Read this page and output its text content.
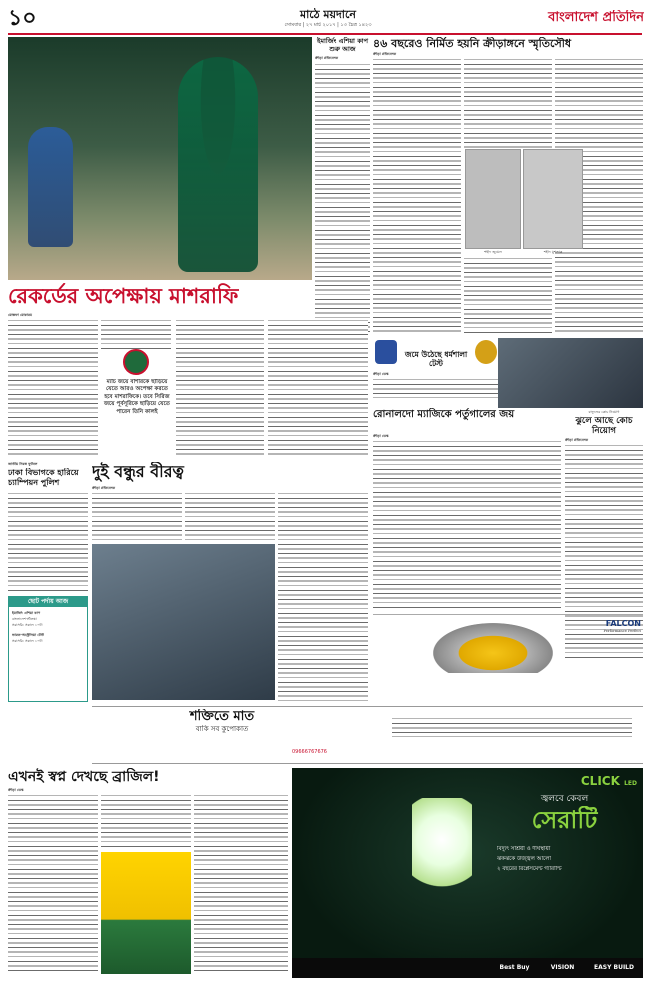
১০	মাঠে ময়দানে
সোমবার | ২৭ মার্চ ২০১৭ | ১৩ চৈত্র ১৪২৩	বাংলাদেশ প্রতিদিন
ইমার্জিং এশিয়া কাপ শুরু আজ
ক্রীড়া প্রতিবেদক
৪৬ বছরেও নির্মিত হয়নি ক্রীড়াঙ্গনে স্মৃতিসৌধ
ক্রীড়া প্রতিবেদক
শহীদ জুয়েল	শহীদ মুশতাক
রেকর্ডের অপেক্ষায় মাশরাফি
মোস্তফা মোকারম
ম্যাচ জয়ে বাশারকে ছাড়িয়ে যেতে আরও অপেক্ষা করতে হবে মাশরাফিকে। তবে সিরিজ জয়ে পূর্বসূরিকে ছাড়িয়ে যেতে পারেন তিনি কালই
জমে উঠেছে ধর্মশালা টেস্ট
ক্রীড়া ডেস্ক
রোনালদো ম্যাজিকে পর্তুগালের জয়
ক্রীড়া ডেস্ক
বাফুফের কোচ নিয়োগ
ঝুলে আছে কোচ নিয়োগ
ক্রীড়া প্রতিবেদক
জাতীয় নিরস্ত্র ফুটবল
ঢাকা বিভাগকে হারিয়ে চ্যাম্পিয়ন পুলিশ
ছোট পর্দায় আজ
ইমার্জিং এশিয়া কাপ
বাংলাদেশ-শ্রীলঙ্কা
সরাসরি: সকাল ১০টা
ভারত-অস্ট্রেলিয়া টেস্ট
সরাসরি: সকাল ১০টা
দুই বন্ধুর বীরত্ব
ক্রীড়া প্রতিবেদক
FALCON
Performance Perfect
শক্তিতে মাত
বাকি সব কুপোকাত
09666767676
এখনই স্বপ্ন দেখছে ব্রাজিল!
ক্রীড়া ডেস্ক
CLICK LED
জ্বলবে কেবল
সেরাটি
বিদ্যুৎ সাশ্রয়ী ও দীর্ঘস্থায়ী
ঝকঝকে উজ্জ্বল আলো
২ বছরের রিপ্লেসমেন্ট গ্যারান্টি
Best Buy	VISION	EASY BUILD
